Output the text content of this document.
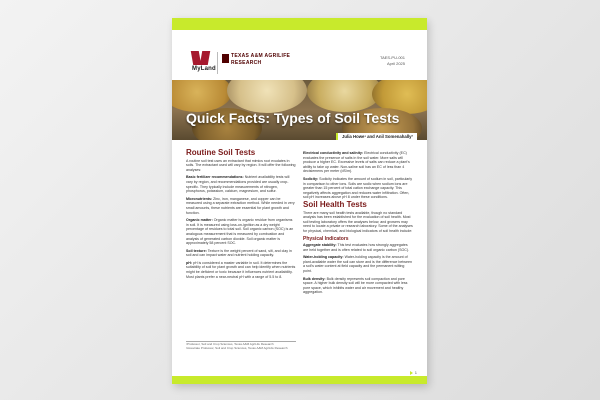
MyLand
TEXAS A&M AGRILIFE
RESEARCH
TAES-PU-001
April 2025
Quick Facts: Types of Soil Tests
Julia Howe¹ and Anil Somenahally²
Routine Soil Tests

A routine soil test uses an extractant that mimics root exudates in soils. The extractant used will vary by region. It will offer the following analyses:

Basic fertilizer recommendations: Nutrient availability tests will vary by region, and recommendations provided are usually crop-specific. They typically include measurements of nitrogen, phosphorus, potassium, calcium, magnesium, and sulfur.

Micronutrients: Zinc, iron, manganese, and copper can be measured using a separate extraction method. While needed in very small amounts, these nutrients are essential for plant growth and function.

Organic matter: Organic matter is organic residue from organisms in soil. It is measured using loss-on-ignition as a dry weight percentage of residues to total soil. Soil organic carbon (SOC) is an analogous measurement that is measured by combustion and analysis of generated carbon dioxide. Soil organic matter is approximately 58 percent SOC.

Soil texture: Texture is the weight percent of sand, silt, and clay in soil and can impact water and nutrient holding capacity.

pH: pH is considered a master variable in soil. It determines the suitability of soil for plant growth and can help identify when nutrients might be deficient or toxic because it influences nutrient availability. Most plants prefer a near-neutral pH with a range of 5.5 to 8.

¹Professor, Soil and Crop Sciences, Texas A&M AgriLife Research
²Associate Professor, Soil and Crop Sciences, Texas A&M AgriLife Research

Electrical conductivity and salinity: Electrical conductivity (EC) evaluates the presence of salts in the soil water. More salts will produce a higher EC. Excessive levels of salts can reduce a plant's ability to take up water. Non-saline soil has an EC of less than 4 decisiemens per meter (dS/m).

Sodicity: Sodicity indicates the amount of sodium in soil, particularly in comparison to other ions. Soils are sodic when sodium ions are greater than 15 percent of total cation exchange capacity. This negatively affects aggregation and reduces water infiltration. Often, soil pH increases above pH 8 under these conditions.

Soil Health Tests

There are many soil health tests available, though no standard analysis has been established for the evaluation of soil health. Most soil testing laboratory offers the analyses below, and growers may need to locate a private or research laboratory. Some of the analyses for physical, chemical, and biological indicators of soil health include:

Physical Indicators

Aggregate stability: This test evaluates how strongly aggregates are held together and is often related to soil organic carbon (SOC).

Water-holding capacity: Water-holding capacity is the amount of plant-available water the soil can store and is the difference between a soil's water content at field capacity and the permanent wilting point.

Bulk density: Bulk density represents soil compaction and pore space. A higher bulk density soil will be more compacted with less pore space, which inhibits water and air movement and healthy aggregation.

1
